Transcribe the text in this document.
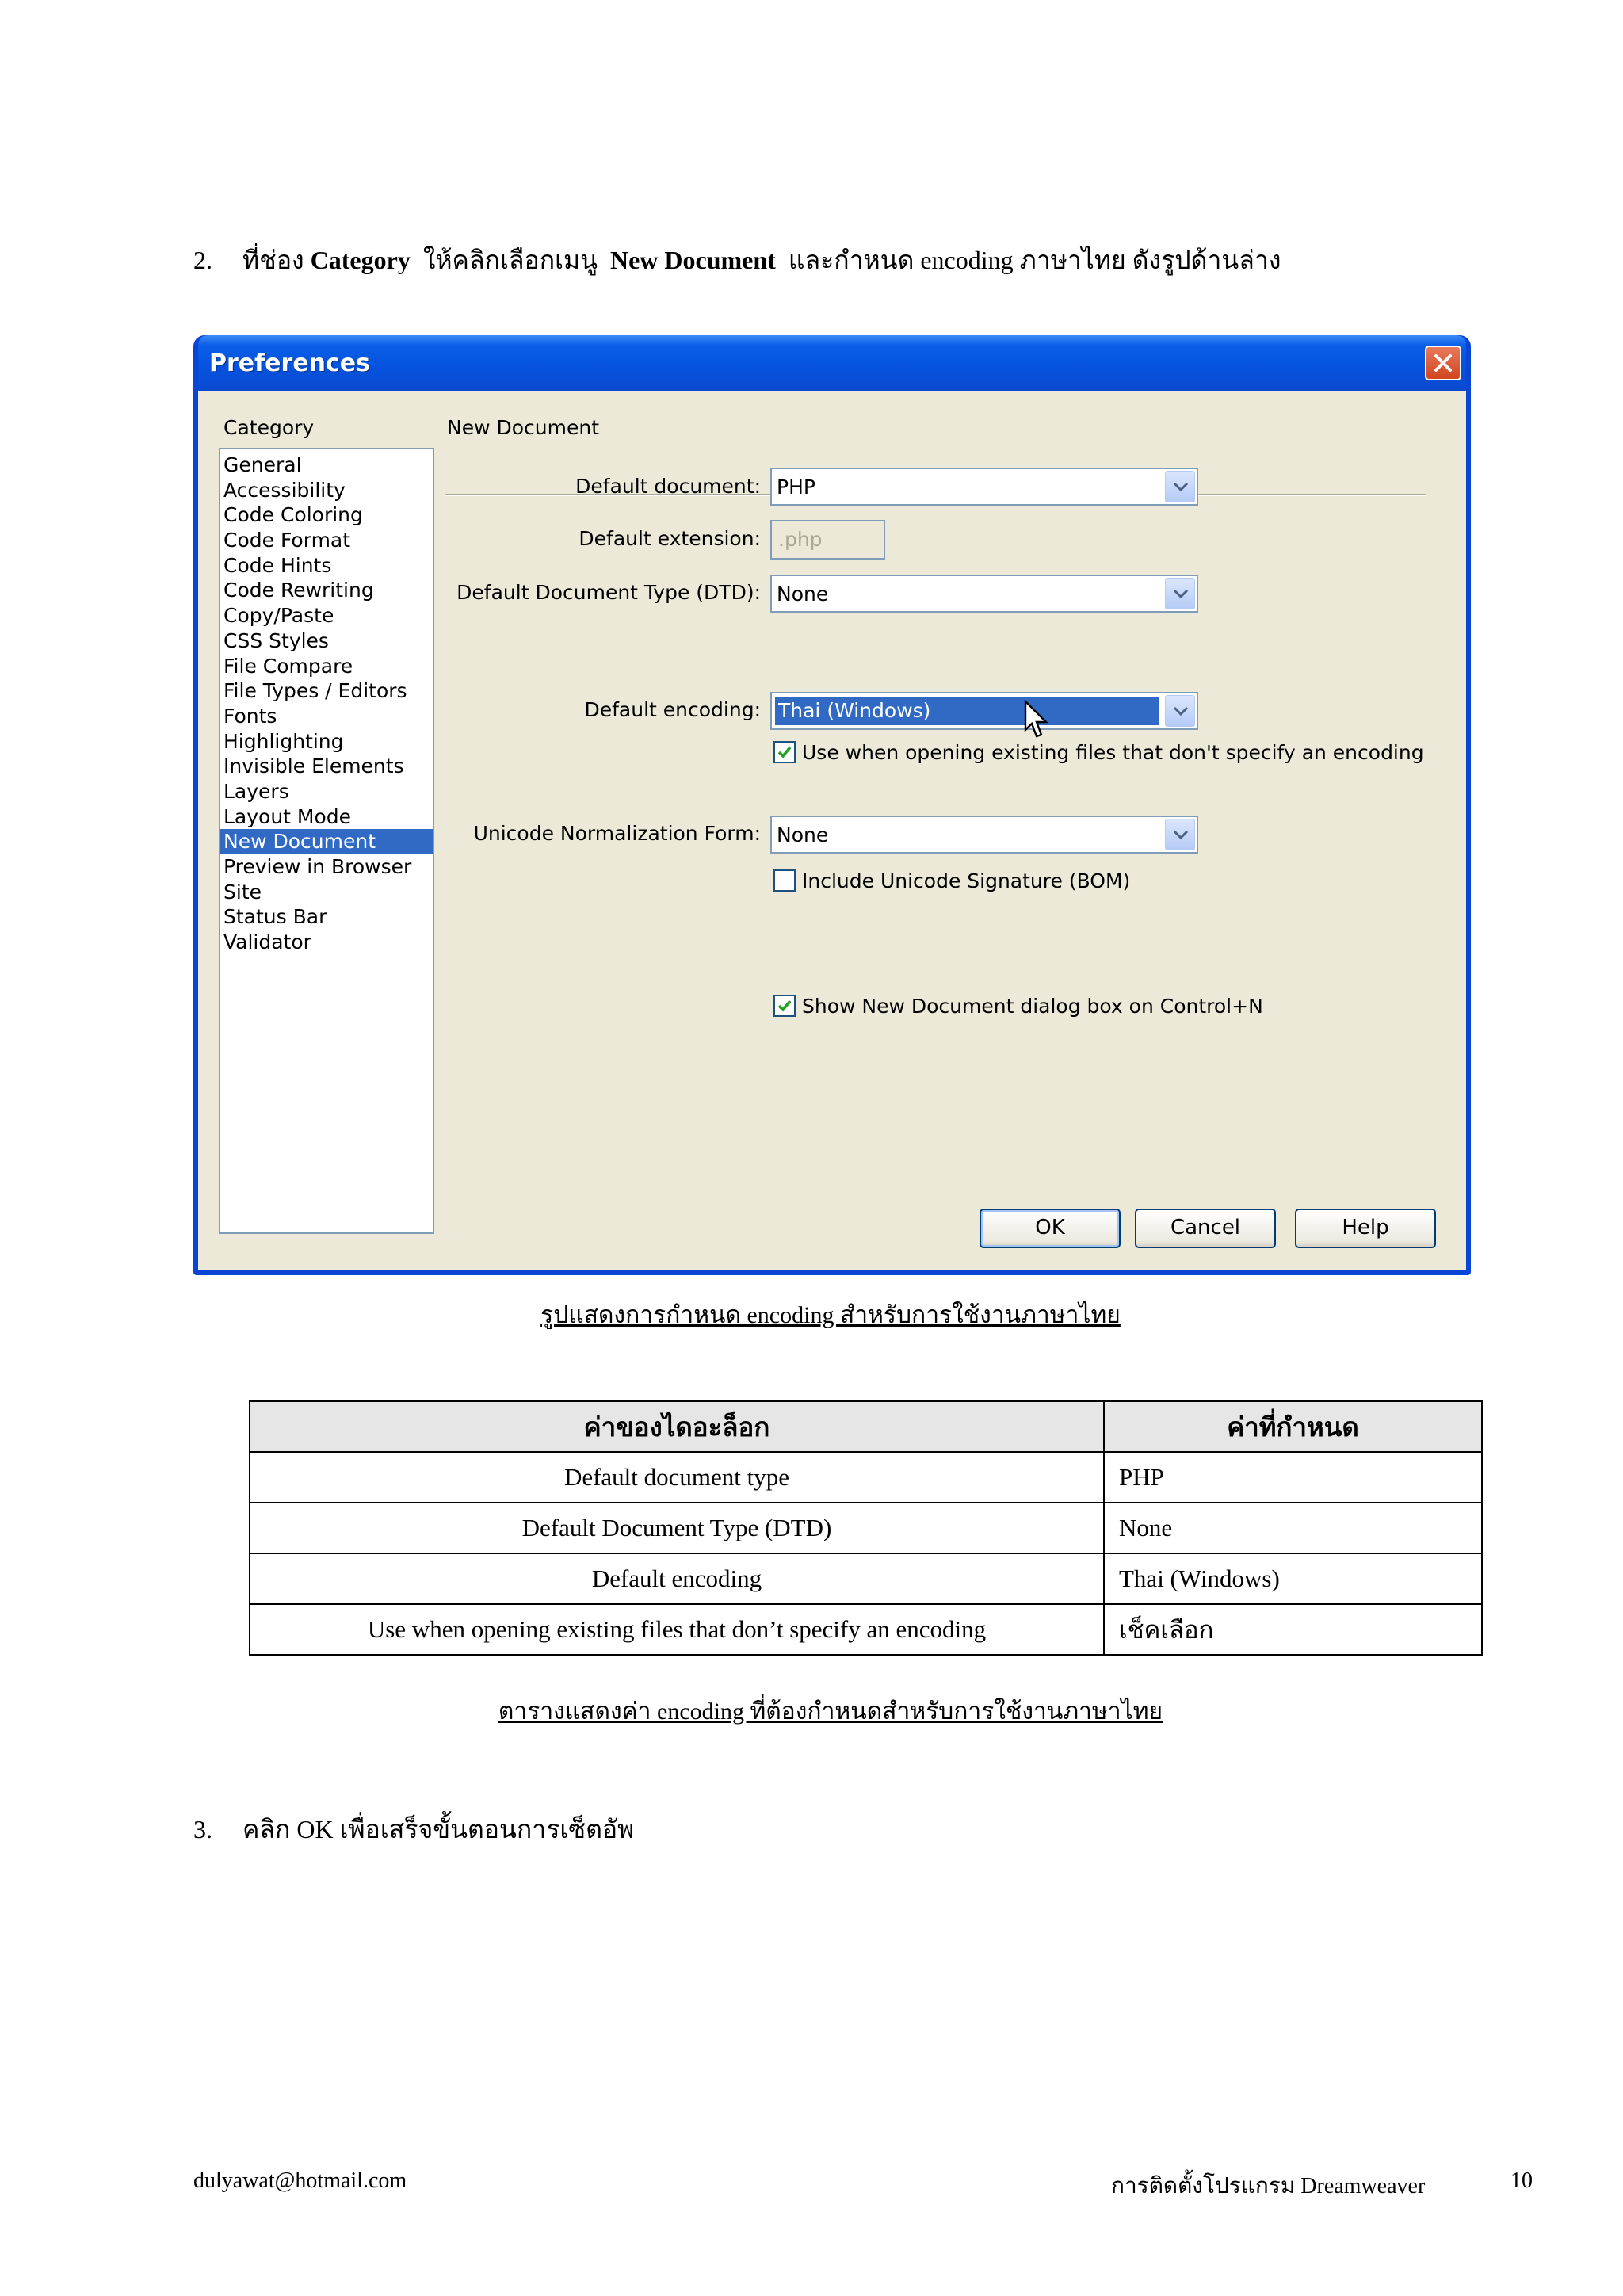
2. ที่ช่อง Category ให้คลิกเลือกเมนู New Document และกำหนด encoding ภาษาไทย ดังรูปด้านล่าง
Preferences
Category	New Document
General
Accessibility
Code Coloring
Code Format
Code Hints
Code Rewriting
Copy/Paste
CSS Styles
File Compare
File Types / Editors
Fonts
Highlighting
Invisible Elements
Layers
Layout Mode
New Document
Preview in Browser
Site
Status Bar
Validator
Default document: PHP
Default extension: .php
Default Document Type (DTD): None
Default encoding: Thai (Windows)
Use when opening existing files that don't specify an encoding
Unicode Normalization Form: None
Include Unicode Signature (BOM)
Show New Document dialog box on Control+N
OK	Cancel	Help
รูปแสดงการกำหนด encoding สำหรับการใช้งานภาษาไทย
ค่าของไดอะล็อก	ค่าที่กำหนด
Default document type	PHP
Default Document Type (DTD)	None
Default encoding	Thai (Windows)
Use when opening existing files that don’t specify an encoding	เช็คเลือก
ตารางแสดงค่า encoding ที่ต้องกำหนดสำหรับการใช้งานภาษาไทย
3. คลิก OK เพื่อเสร็จขั้นตอนการเซ็ตอัพ
dulyawat@hotmail.com	การติดตั้งโปรแกรม Dreamweaver	10
